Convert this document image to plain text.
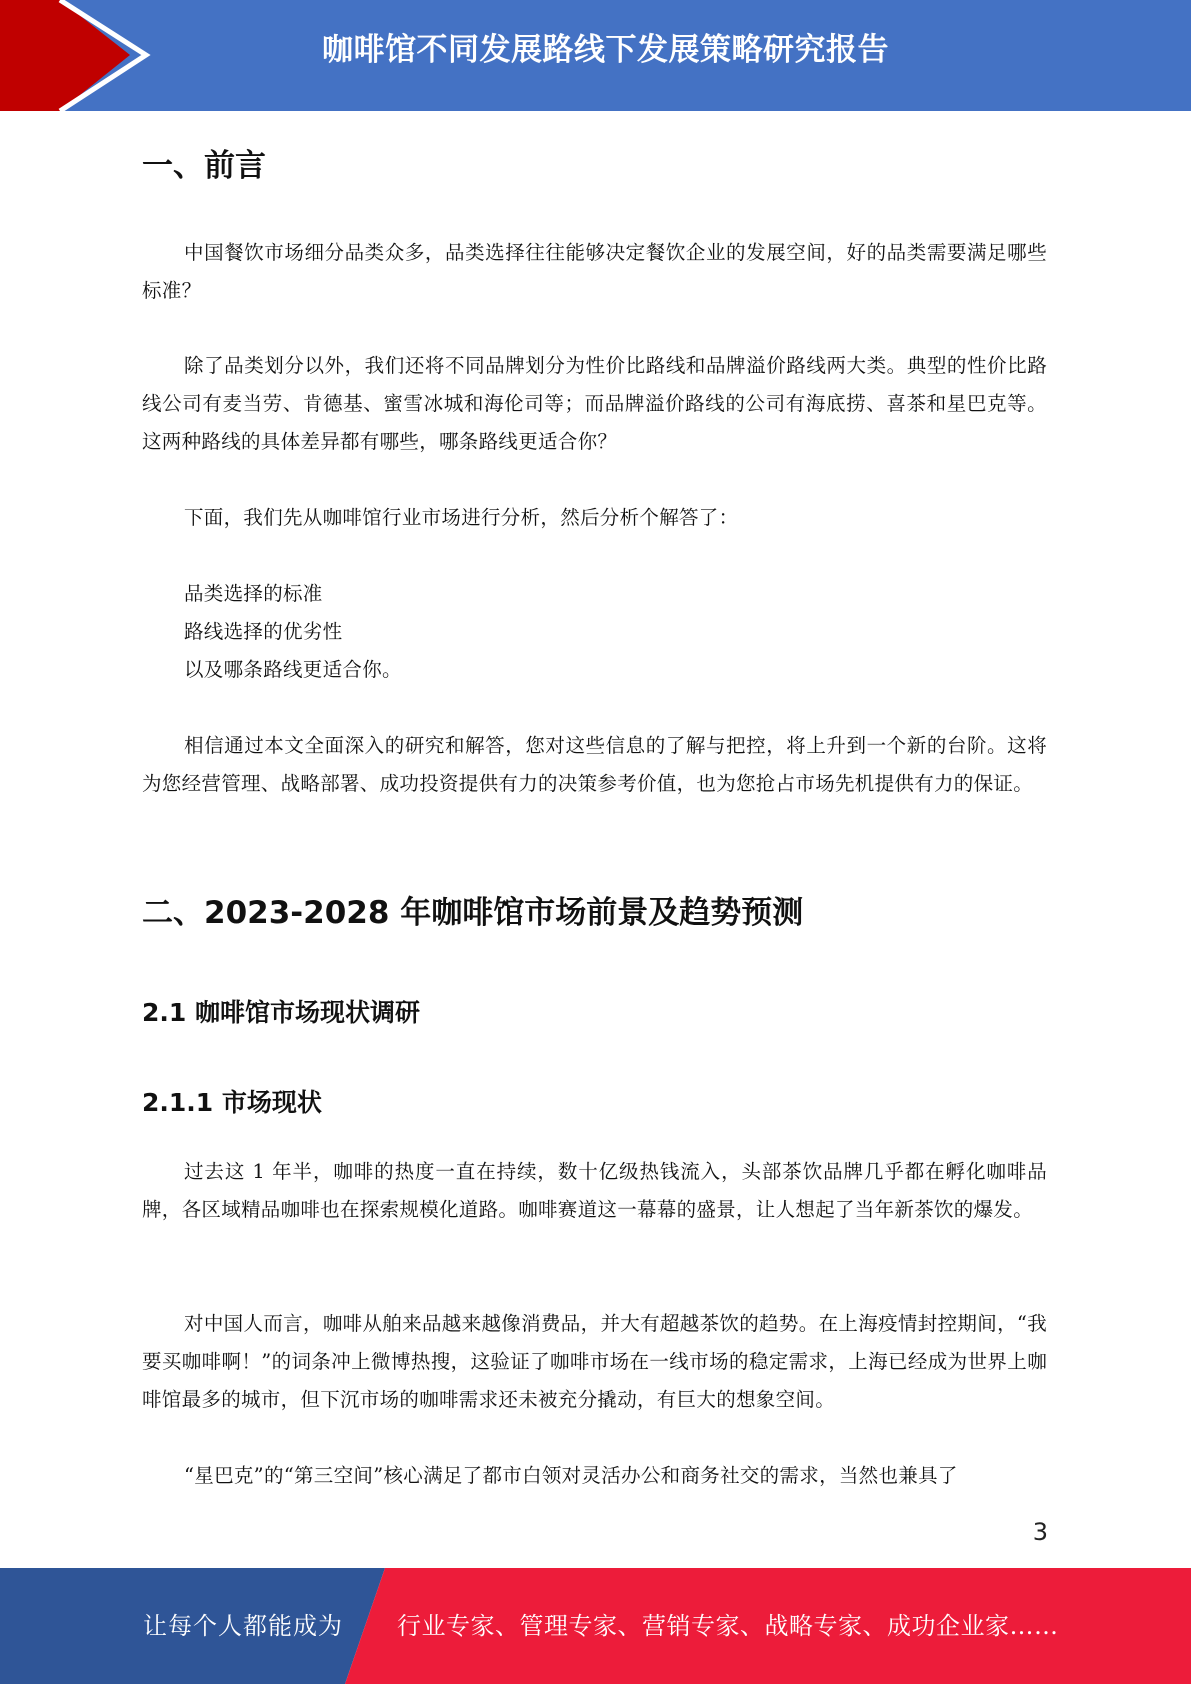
咖啡馆不同发展路线下发展策略研究报告
一、前言

中国餐饮市场细分品类众多，品类选择往往能够决定餐饮企业的发展空间，好的品类需要满足哪些标准？

除了品类划分以外，我们还将不同品牌划分为性价比路线和品牌溢价路线两大类。典型的性价比路线公司有麦当劳、肯德基、蜜雪冰城和海伦司等；而品牌溢价路线的公司有海底捞、喜茶和星巴克等。这两种路线的具体差异都有哪些，哪条路线更适合你？

下面，我们先从咖啡馆行业市场进行分析，然后分析个解答了：

品类选择的标准

路线选择的优劣性

以及哪条路线更适合你。

相信通过本文全面深入的研究和解答，您对这些信息的了解与把控，将上升到一个新的台阶。这将为您经营管理、战略部署、成功投资提供有力的决策参考价值，也为您抢占市场先机提供有力的保证。

二、2023-2028 年咖啡馆市场前景及趋势预测
2.1 咖啡馆市场现状调研
2.1.1 市场现状

过去这 1 年半，咖啡的热度一直在持续，数十亿级热钱流入，头部茶饮品牌几乎都在孵化咖啡品牌，各区域精品咖啡也在探索规模化道路。咖啡赛道这一幕幕的盛景，让人想起了当年新茶饮的爆发。

对中国人而言，咖啡从舶来品越来越像消费品，并大有超越茶饮的趋势。在上海疫情封控期间，“我要买咖啡啊！”的词条冲上微博热搜，这验证了咖啡市场在一线市场的稳定需求，上海已经成为世界上咖啡馆最多的城市，但下沉市场的咖啡需求还未被充分撬动，有巨大的想象空间。

“星巴克”的“第三空间”核心满足了都市白领对灵活办公和商务社交的需求，当然也兼具了

3
让每个人都能成为 行业专家、管理专家、营销专家、战略专家、成功企业家……
